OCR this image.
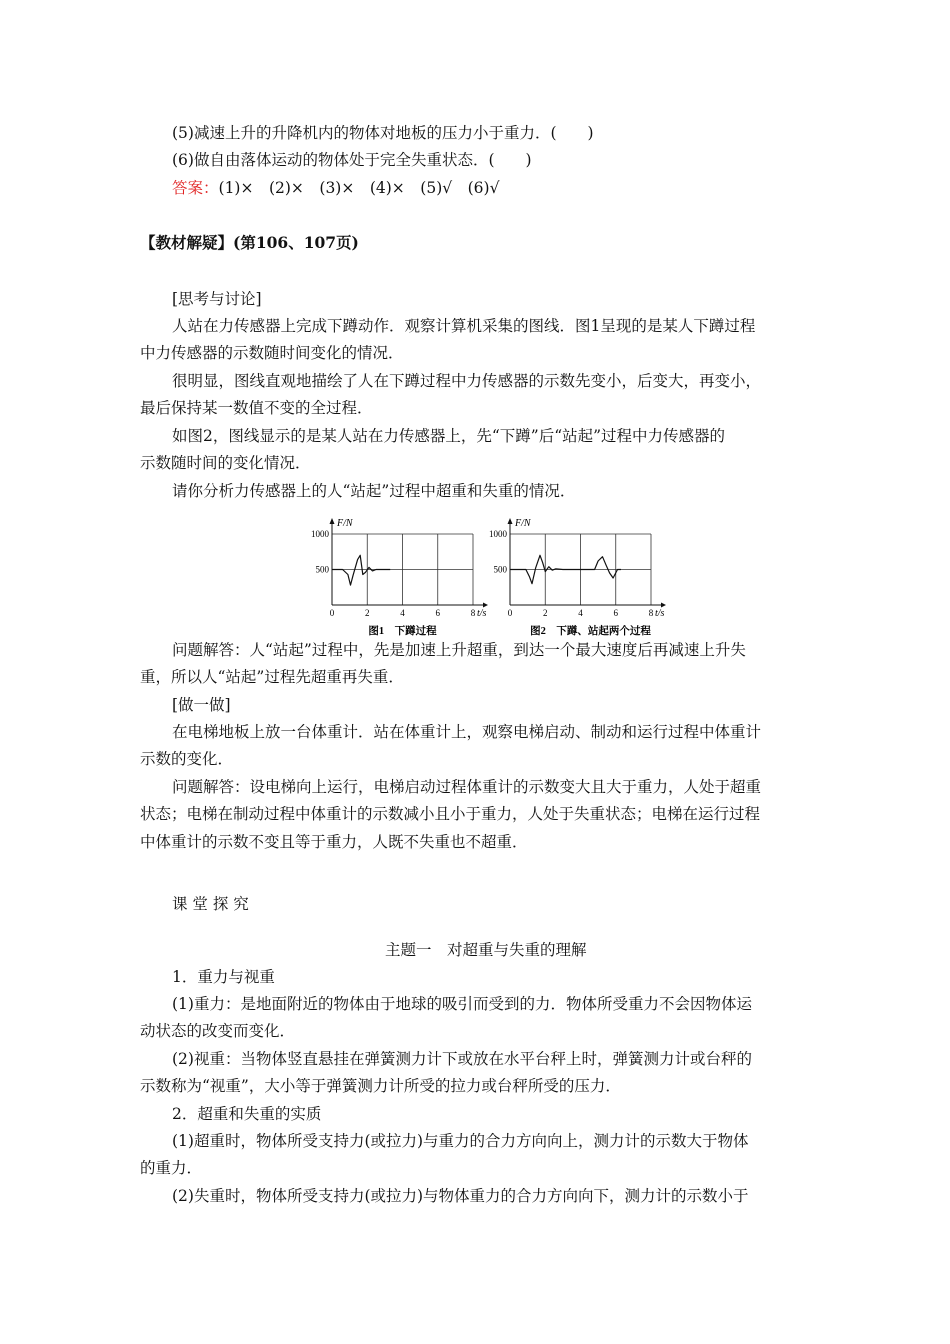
(5)减速上升的升降机内的物体对地板的压力小于重力．(　　)
(6)做自由落体运动的物体处于完全失重状态．(　　)
答案：(1)×　(2)×　(3)×　(4)×　(5)√　(6)√
【教材解疑】(第106、107页)
[思考与讨论]
人站在力传感器上完成下蹲动作．观察计算机采集的图线．图1呈现的是某人下蹲过程
中力传感器的示数随时间变化的情况．
很明显，图线直观地描绘了人在下蹲过程中力传感器的示数先变小，后变大，再变小，
最后保持某一数值不变的全过程．
如图2，图线显示的是某人站在力传感器上，先“下蹲”后“站起”过程中力传感器的
示数随时间的变化情况．
请你分析力传感器上的人“站起”过程中超重和失重的情况．
0	2	4	6	8
500
1000
F/N
t/s
图1　下蹲过程
0	2	4	6	8
500
1000
F/N
t/s
图2　下蹲、站起两个过程
问题解答：人“站起”过程中，先是加速上升超重，到达一个最大速度后再减速上升失
重，所以人“站起”过程先超重再失重．
[做一做]
在电梯地板上放一台体重计．站在体重计上，观察电梯启动、制动和运行过程中体重计
示数的变化．
问题解答：设电梯向上运行，电梯启动过程体重计的示数变大且大于重力，人处于超重
状态；电梯在制动过程中体重计的示数减小且小于重力，人处于失重状态；电梯在运行过程
中体重计的示数不变且等于重力，人既不失重也不超重．
课 堂 探 究
主题一　对超重与失重的理解
1．重力与视重
(1)重力：是地面附近的物体由于地球的吸引而受到的力．物体所受重力不会因物体运
动状态的改变而变化．
(2)视重：当物体竖直悬挂在弹簧测力计下或放在水平台秤上时，弹簧测力计或台秤的
示数称为“视重”，大小等于弹簧测力计所受的拉力或台秤所受的压力．
2．超重和失重的实质
(1)超重时，物体所受支持力(或拉力)与重力的合力方向向上，测力计的示数大于物体
的重力．
(2)失重时，物体所受支持力(或拉力)与物体重力的合力方向向下，测力计的示数小于
